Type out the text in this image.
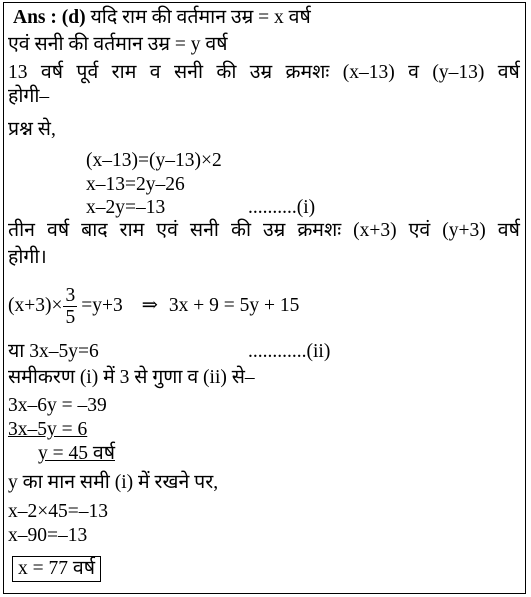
Ans : (d) यदि राम की वर्तमान उम्र = x वर्ष
एवं सनी की वर्तमान उम्र = y वर्ष
13 वर्ष पूर्व राम व सनी की उम्र क्रमशः (x–13) व (y–13) वर्ष
होगी–
प्रश्न से,
(x–13)=(y–13)×2
x–13=2y–26
x–2y=–13	..........(i)
तीन वर्ष बाद राम एवं सनी की उम्र क्रमशः (x+3) एवं (y+3) वर्ष
होगी।
$(x+3)\times \frac{3}{5} =y+3$ ⇒ 3x + 9 = 5y + 15
या 3x–5y=6	............(ii)
समीकरण (i) में 3 से गुणा व (ii) से–
3x–6y = –39
3x–5y = 6
y = 45 वर्ष
y का मान समी (i) में रखने पर,
x–2×45=–13
x–90=–13
x = 77 वर्ष
